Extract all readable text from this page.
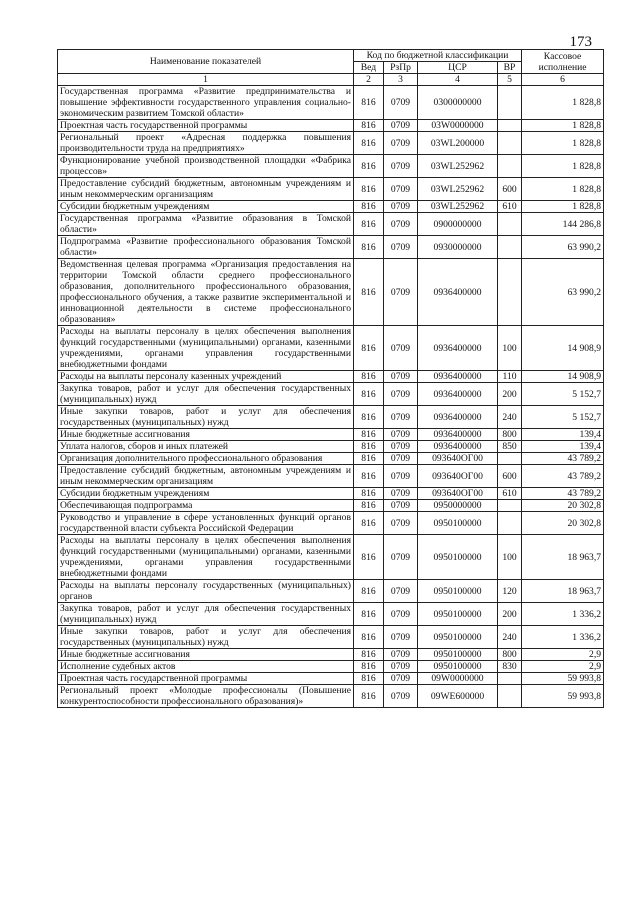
173
Наименование показателей	Код по бюджетной классификации				Кассовое исполнение
	Вед	РзПр	ЦСР	ВР	
1	2	3	4	5	6
Государственная программа «Развитие предпринимательства и повышение эффективности государственного управления социально-экономическим развитием Томской области»	816	0709	0300000000		1 828,8
Проектная часть государственной программы	816	0709	03W0000000		1 828,8
Региональный проект «Адресная поддержка повышения производительности труда на предприятиях»	816	0709	03WL200000		1 828,8
Функционирование учебной производственной площадки «Фабрика процессов»	816	0709	03WL252962		1 828,8
Предоставление субсидий бюджетным, автономным учреждениям и иным некоммерческим организациям	816	0709	03WL252962	600	1 828,8
Субсидии бюджетным учреждениям	816	0709	03WL252962	610	1 828,8
Государственная программа «Развитие образования в Томской области»	816	0709	0900000000		144 286,8
Подпрограмма «Развитие профессионального образования Томской области»	816	0709	0930000000		63 990,2
Ведомственная целевая программа «Организация предоставления на территории Томской области среднего профессионального образования, дополнительного профессионального образования, профессионального обучения, а также развитие экспериментальной и инновационной деятельности в системе профессионального образования»	816	0709	0936400000		63 990,2
Расходы на выплаты персоналу в целях обеспечения выполнения функций государственными (муниципальными) органами, казенными учреждениями, органами управления государственными внебюджетными фондами	816	0709	0936400000	100	14 908,9
Расходы на выплаты персоналу казенных учреждений	816	0709	0936400000	110	14 908,9
Закупка товаров, работ и услуг для обеспечения государственных (муниципальных) нужд	816	0709	0936400000	200	5 152,7
Иные закупки товаров, работ и услуг для обеспечения государственных (муниципальных) нужд	816	0709	0936400000	240	5 152,7
Иные бюджетные ассигнования	816	0709	0936400000	800	139,4
Уплата налогов, сборов и иных платежей	816	0709	0936400000	850	139,4
Организация дополнительного профессионального образования	816	0709	093640ОГ00		43 789,2
Предоставление субсидий бюджетным, автономным учреждениям и иным некоммерческим организациям	816	0709	093640ОГ00	600	43 789,2
Субсидии бюджетным учреждениям	816	0709	093640ОГ00	610	43 789,2
Обеспечивающая подпрограмма	816	0709	0950000000		20 302,8
Руководство и управление в сфере установленных функций органов государственной власти субъекта Российской Федерации	816	0709	0950100000		20 302,8
Расходы на выплаты персоналу в целях обеспечения выполнения функций государственными (муниципальными) органами, казенными учреждениями, органами управления государственными внебюджетными фондами	816	0709	0950100000	100	18 963,7
Расходы на выплаты персоналу государственных (муниципальных) органов	816	0709	0950100000	120	18 963,7
Закупка товаров, работ и услуг для обеспечения государственных (муниципальных) нужд	816	0709	0950100000	200	1 336,2
Иные закупки товаров, работ и услуг для обеспечения государственных (муниципальных) нужд	816	0709	0950100000	240	1 336,2
Иные бюджетные ассигнования	816	0709	0950100000	800	2,9
Исполнение судебных актов	816	0709	0950100000	830	2,9
Проектная часть государственной программы	816	0709	09W0000000		59 993,8
Региональный проект «Молодые профессионалы (Повышение конкурентоспособности профессионального образования)»	816	0709	09WE600000		59 993,8
